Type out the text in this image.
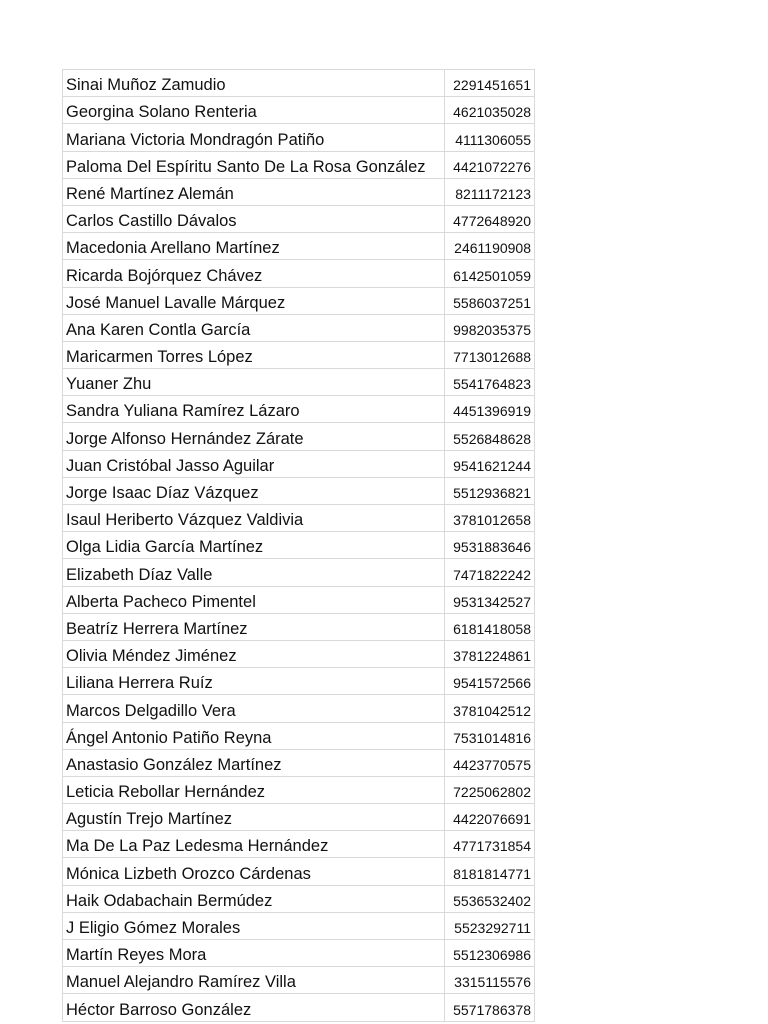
Sinai Muñoz Zamudio	2291451651
Georgina Solano Renteria	4621035028
Mariana Victoria Mondragón Patiño	4111306055
Paloma Del Espíritu Santo De La Rosa González	4421072276
René Martínez Alemán	8211172123
Carlos Castillo Dávalos	4772648920
Macedonia Arellano Martínez	2461190908
Ricarda Bojórquez Chávez	6142501059
José Manuel Lavalle Márquez	5586037251
Ana Karen Contla García	9982035375
Maricarmen Torres López	7713012688
Yuaner Zhu	5541764823
Sandra Yuliana Ramírez Lázaro	4451396919
Jorge Alfonso Hernández Zárate	5526848628
Juan Cristóbal Jasso Aguilar	9541621244
Jorge Isaac Díaz Vázquez	5512936821
Isaul Heriberto Vázquez Valdivia	3781012658
Olga Lidia García Martínez	9531883646
Elizabeth Díaz Valle	7471822242
Alberta Pacheco Pimentel	9531342527
Beatríz Herrera Martínez	6181418058
Olivia Méndez Jiménez	3781224861
Liliana Herrera Ruíz	9541572566
Marcos Delgadillo Vera	3781042512
Ángel Antonio Patiño Reyna	7531014816
Anastasio González Martínez	4423770575
Leticia Rebollar Hernández	7225062802
Agustín Trejo Martínez	4422076691
Ma De La Paz Ledesma Hernández	4771731854
Mónica Lizbeth Orozco Cárdenas	8181814771
Haik Odabachain Bermúdez	5536532402
J Eligio Gómez Morales	5523292711
Martín Reyes Mora	5512306986
Manuel Alejandro Ramírez Villa	3315115576
Héctor Barroso González	5571786378
